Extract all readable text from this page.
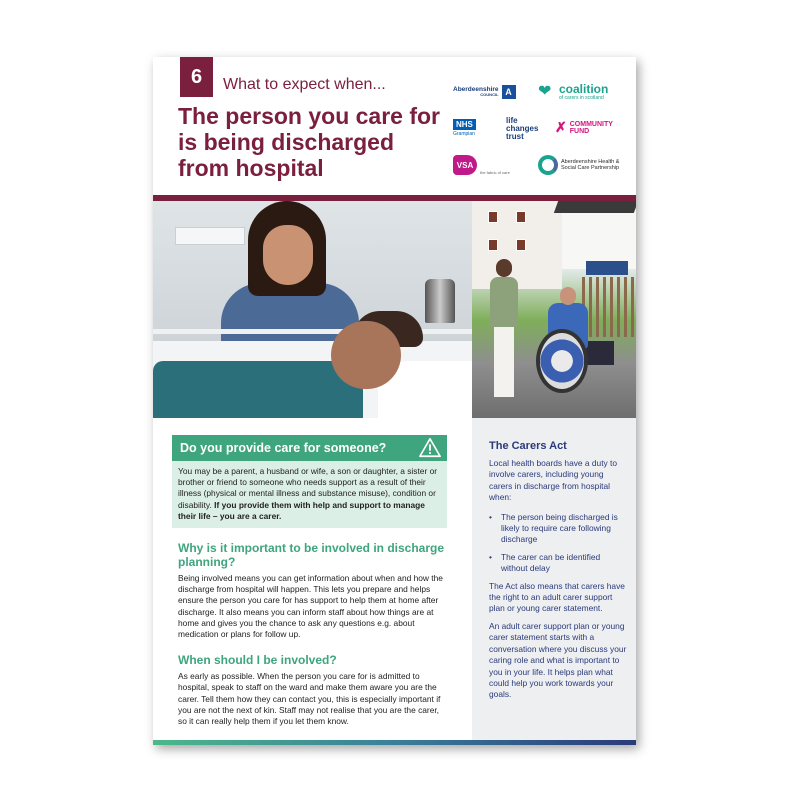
6	What to expect when...
The person you care for is being discharged from hospital
Aberdeenshire
COUNCIL A ❤ coalition
of carers in scotland
NHS
Grampian
life changes trust
✗ COMMUNITY FUND
VSA
the fabric of care
Aberdeenshire Health & Social Care Partnership
Do you provide care for someone?
You may be a parent, a husband or wife, a son or daughter, a sister or brother or friend to someone who needs support as a result of their illness (physical or mental illness and substance misuse), condition or disability. If you provide them with help and support to manage their life – you are a carer.
Why is it important to be involved in discharge planning?
Being involved means you can get information about when and how the discharge from hospital will happen. This lets you prepare and helps ensure the person you care for has support to help them at home after discharge. It also means you can inform staff about how things are at home and gives you the chance to ask any questions e.g. about medication or plans for follow up.
When should I be involved?
As early as possible. When the person you care for is admitted to hospital, speak to staff on the ward and make them aware you are the carer. Tell them how they can contact you, this is especially important if you are not the next of kin. Staff may not realise that you are the carer, so it can really help them if you let them know.
The Carers Act
Local health boards have a duty to involve carers, including young carers in discharge from hospital when:
• The person being discharged is likely to require care following discharge
• The carer can be identified without delay
The Act also means that carers have the right to an adult carer support plan or young carer statement.
An adult carer support plan or young carer statement starts with a conversation where you discuss your caring role and what is important to you in your life. It helps plan what could help you work towards your goals.
